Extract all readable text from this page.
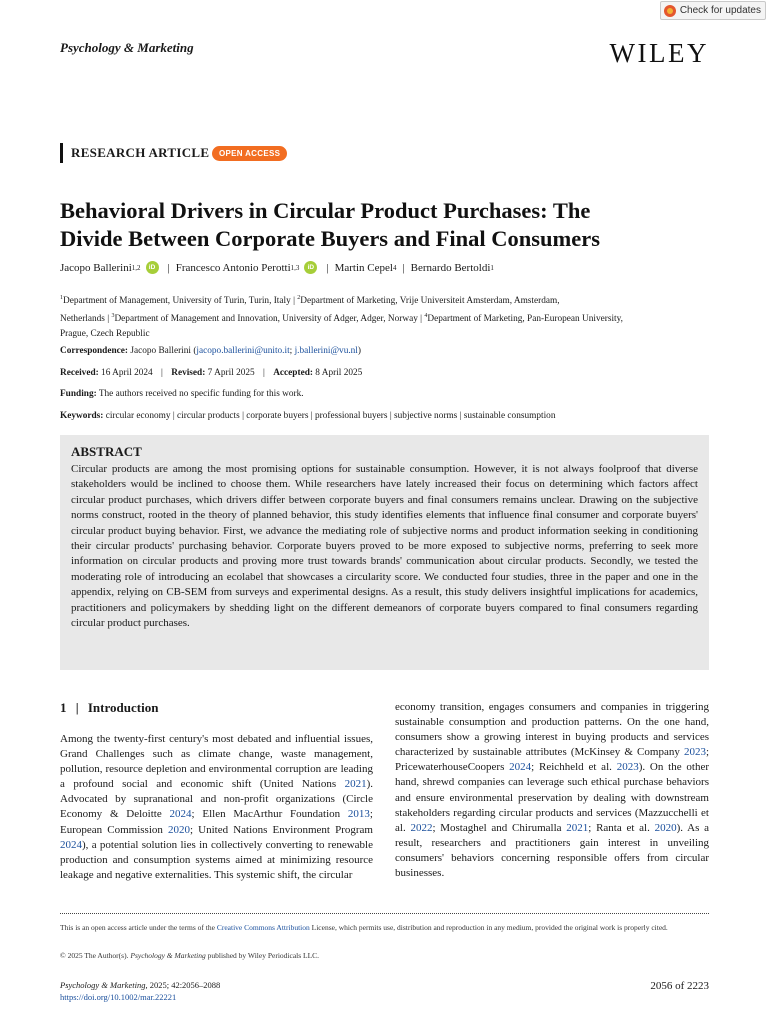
Check for updates
Psychology & Marketing	WILEY
RESEARCH ARTICLE	OPEN ACCESS
Behavioral Drivers in Circular Product Purchases: The
Divide Between Corporate Buyers and Final Consumers
Jacopo Ballerini 1,2	iD | Francesco Antonio Perotti 1,3	iD | Martin Cepel 4 | Bernardo Bertoldi 1
$^1$Department of Management, University of Turin, Turin, Italy | $^2$Department of Marketing, Vrije Universiteit Amsterdam, Amsterdam,
Netherlands | $^3$Department of Management and Innovation, University of Adger, Adger, Norway | $^4$Department of Marketing, Pan-European University,
Prague, Czech Republic
Correspondence: Jacopo Ballerini (jacopo.ballerini@unito.it; j.ballerini@vu.nl)
Received: 16 April 2024 | Revised: 7 April 2025 | Accepted: 8 April 2025
Funding: The authors received no specific funding for this work.
Keywords: circular economy | circular products | corporate buyers | professional buyers | subjective norms | sustainable consumption
ABSTRACT
Circular products are among the most promising options for sustainable consumption. However, it is not always foolproof that diverse stakeholders would be inclined to choose them. While researchers have lately increased their focus on determining which factors affect circular product purchases, which drivers differ between corporate buyers and final consumers remains unclear. Drawing on the subjective norms construct, rooted in the theory of planned behavior, this study identifies elements that influence final consumer and corporate buyers' circular product buying behavior. First, we advance the mediating role of subjective norms and product information seeking in conditioning their circular products' purchasing behavior. Corporate buyers proved to be more exposed to subjective norms, preferring to seek more information on circular products and proving more trust towards brands' communication about circular products. Secondly, we tested the moderating role of introducing an ecolabel that showcases a circularity score. We conducted four studies, three in the paper and one in the appendix, relying on CB-SEM from surveys and experimental designs. As a result, this study delivers insightful implications for academics, practitioners and policymakers by shedding light on the different demeanors of corporate buyers compared to final consumers regarding circular product purchases.
1 | Introduction

Among the twenty-first century's most debated and influential issues, Grand Challenges such as climate change, waste management, pollution, resource depletion and environmental corruption are leading a profound social and economic shift (United Nations 2021). Advocated by supranational and non-profit organizations (Circle Economy & Deloitte 2024; Ellen MacArthur Foundation 2013; European Commission 2020; United Nations Environment Program 2024), a potential solution lies in collectively converting to renewable production and consumption systems aimed at minimizing resource leakage and negative externalities. This systemic shift, the circular

economy transition, engages consumers and companies in triggering sustainable consumption and production patterns. On the one hand, consumers show a growing interest in buying products and services characterized by sustainable attributes (McKinsey & Company 2023; PricewaterhouseCoopers 2024; Reichheld et al. 2023). On the other hand, shrewd companies can leverage such ethical purchase behaviors and ensure environmental preservation by dealing with downstream stakeholders regarding circular products and services (Mazzucchelli et al. 2022; Mostaghel and Chirumalla 2021; Ranta et al. 2020). As a result, researchers and practitioners gain interest in unveiling consumers' behaviors concerning responsible offers from circular businesses.

This is an open access article under the terms of the Creative Commons Attribution License, which permits use, distribution and reproduction in any medium, provided the original work is properly cited.
© 2025 The Author(s). Psychology & Marketing published by Wiley Periodicals LLC.
Psychology & Marketing, 2025; 42:2056–2088
https://doi.org/10.1002/mar.22221
2056 of 2223
